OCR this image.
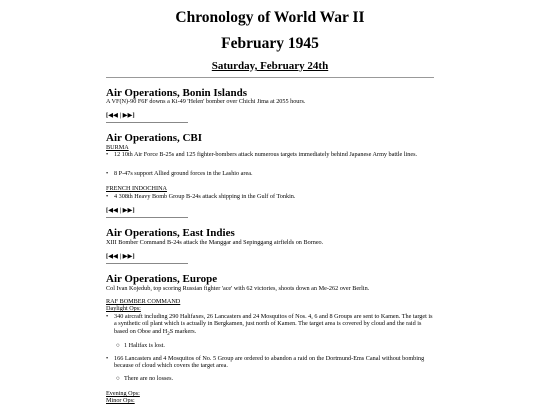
Chronology of World War II
February 1945
Saturday, February 24th
Air Operations, Bonin Islands
A VF(N)-90 F6F downs a Ki-49 'Helen' bomber over Chichi Jima at 2055 hours.
[◀◀ | ▶▶]
Air Operations, CBI
BURMA
• 12 10th Air Force B-25s and 125 fighter-bombers attack numerous targets immediately behind Japanese Army battle lines.
• 8 P-47s support Allied ground forces in the Lashio area.
FRENCH INDOCHINA
• 4 308th Heavy Bomb Group B-24s attack shipping in the Gulf of Tonkin.
[◀◀ | ▶▶]
Air Operations, East Indies
XIII Bomber Command B-24s attack the Manggar and Sepinggang airfields on Borneo.
[◀◀ | ▶▶]
Air Operations, Europe
Col Ivan Kojedub, top scoring Russian fighter 'ace' with 62 victories, shoots down an Me-262 over Berlin.
RAF BOMBER COMMAND
Daylight Ops:
• 340 aircraft including 290 Halifaxes, 26 Lancasters and 24 Mosquitos of Nos. 4, 6 and 8 Groups are sent to Kamen. The target is a synthetic oil plant which is actually in Bergkamen, just north of Kamen. The target area is covered by cloud and the raid is based on Oboe and $H_2S$ markers.
○ 1 Halifax is lost.
• 166 Lancasters and 4 Mosquitos of No. 5 Group are ordered to abandon a raid on the Dortmund-Ems Canal without bombing because of cloud which covers the target area.
○ There are no losses.
Evening Ops:
Minor Ops:
